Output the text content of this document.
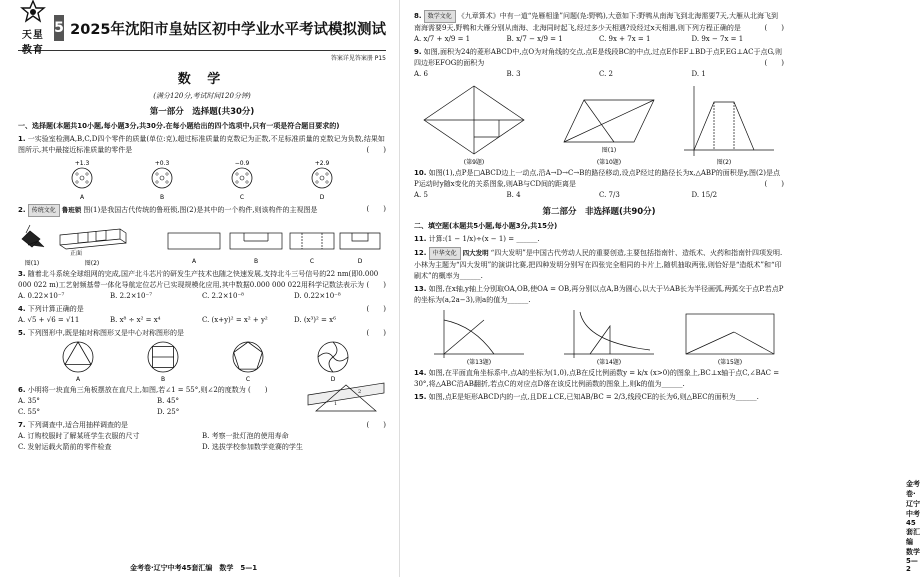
天星教育
5 2025年沈阳市皇姑区初中学业水平考试模拟测试
答案详见答案册 P15
数 学
(满分120分,考试时间120分钟)
第一部分　选择题(共30分)
一、选择题(本题共10小题,每小题3分,共30分.在每小题给出的四个选项中,只有一项是符合题目要求的)
1. 一实验室检测A,B,C,D四个零件的质量(单位:克),超过标准质量的克数记为正数,不足标准质量的克数记为负数,结果如图所示,其中最接近标准质量的零件是	(　　)
+1.3
A
+0.3
B
−0.9
C
+2.9
D
2. 传统文化 鲁班锁 图(1)是我国古代传统的鲁班锁,图(2)是其中的一个构件,则该构件的主视图是	(　　)
正面
图(1)	图(2)	A	B	C	D
3. 随着北斗系统全球组网的完成,国产北斗芯片的研发生产技术也随之快速发展,支持北斗三号信号的22 nm(即0.000 000 022 m)工艺射频基带一体化导航定位芯片已实现规模化应用,其中数据0.000 000 022用科学记数法表示为 (　　)
A. 0.22×10⁻⁷	B. 2.2×10⁻⁷	C. 2.2×10⁻⁸	D. 0.22×10⁻⁸
4. 下列计算正确的是	(　　)
A. √5 + √6 = √11	B. x⁸ ÷ x² = x⁴	C. (x+y)² = x² + y²	D. (x³)² = x⁶
5. 下列图形中,既是轴对称图形又是中心对称图形的是	(　　)
A	B	C	D
6. 小明将一块直角三角板摆放在直尺上,如图,若∠1 = 55°,则∠2的度数为 (　　)
1
2
A. 35°	B. 45°
C. 55°	D. 25°
7. 下列调查中,适合用抽样调查的是	(　　)
A. 订购校服时了解某班学生衣服的尺寸	B. 考察一批灯泡的使用寿命
C. 发射运载火箭前的零件检查	D. 选拔学校参加数学竞赛的学生
金考卷·辽宁中考45套汇编　数学　5—1
8. 数学文化 《九章算术》中有一道“凫雁相逢”问题(凫:野鸭),大意如下:野鸭从南海飞到北海需要7天,大雁从北海飞到南海需要9天,野鸭和大雁分别从南海、北海同时起飞,经过多少天相遇?设经过x天相遇,则下列方程正确的是	(　　)
A. x/7 + x/9 = 1	B. x/7 − x/9 = 1	C. 9x + 7x = 1	D. 9x − 7x = 1
9. 如图,面积为24的菱形ABCD中,点O为对角线的交点,点E是线段BC的中点,过点E作EF⊥BD于点F,EG⊥AC于点G,则四边形EFOG的面积为	(　　)
A. 6	B. 3	C. 2	D. 1
(第9题)
图(1)
(第10题)	图(2)
10. 如图(1),点P是□ABCD边上一动点,沿A→D→C→B的路径移动,设点P经过的路径长为x,△ABP的面积是y,图(2)是点P运动时y随x变化的关系图象,则AB与CD间的距离是	(　　)
A. 5	B. 4	C. 7/3	D. 15/2
第二部分　非选择题(共90分)
二、填空题(本题共5小题,每小题3分,共15分)
11. 计算:(1 − 1/x)÷(x − 1) = ______.
12. 中华文化 四大发明 “四大发明”是中国古代劳动人民的重要创造,主要包括指南针、造纸术、火药和指南针四项发明.小林为主题为“四大发明”的演讲比赛,把四种发明分别写在四张完全相同的卡片上,随机抽取两张,则恰好是“造纸术”和“印刷术”的概率为______.
13. 如图,在x轴,y轴上分别取OA,OB,使OA = OB,再分别以点A,B为圆心,以大于½AB长为半径画弧,两弧交于点P.若点P的坐标为(a,2a−3),则a的值为______.
(第13题)	(第14题)	(第15题)
14. 如图,在平面直角坐标系中,点A的坐标为(1,0),点B在反比例函数y = k/x (x>0)的图象上,BC⊥x轴于点C,∠BAC = 30°,将△ABC沿AB翻折,若点C的对应点D落在该反比例函数的图象上,则k的值为______.
15. 如图,点E是矩形ABCD内的一点,且DE⊥CE,已知AB/BC = 2/3,线段CE的长为6,则△BEC的面积为______.
金考卷·辽宁中考45套汇编　数学　5—2
